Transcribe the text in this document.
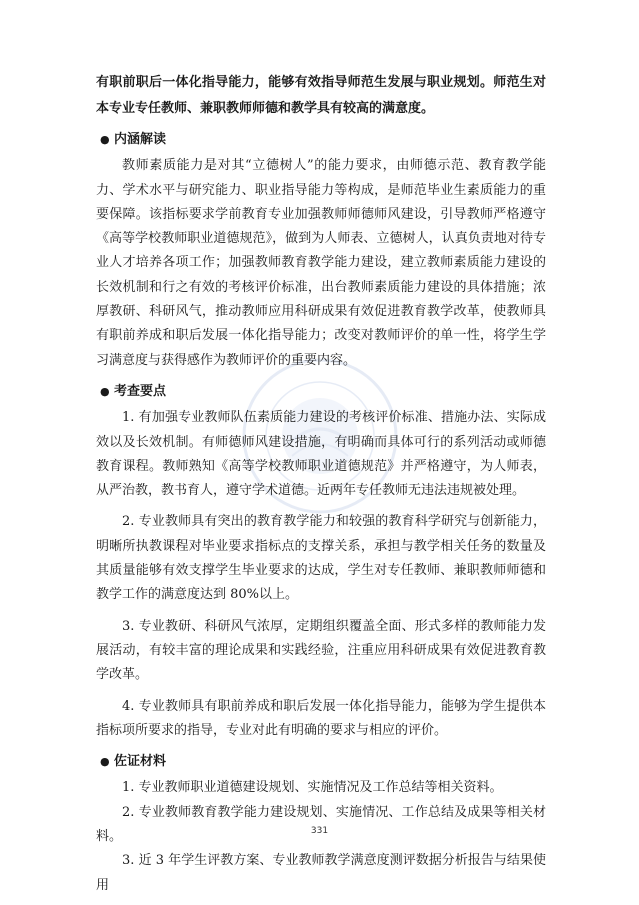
有职前职后一体化指导能力，能够有效指导师范生发展与职业规划。师范生对本专业专任教师、兼职教师师德和教学具有较高的满意度。

● 内涵解读

教师素质能力是对其“立德树人”的能力要求，由师德示范、教育教学能力、学术水平与研究能力、职业指导能力等构成，是师范毕业生素质能力的重要保障。该指标要求学前教育专业加强教师师德师风建设，引导教师严格遵守《高等学校教师职业道德规范》，做到为人师表、立德树人，认真负责地对待专业人才培养各项工作；加强教师教育教学能力建设，建立教师素质能力建设的长效机制和行之有效的考核评价标准，出台教师素质能力建设的具体措施；浓厚教研、科研风气，推动教师应用科研成果有效促进教育教学改革，使教师具有职前养成和职后发展一体化指导能力；改变对教师评价的单一性，将学生学习满意度与获得感作为教师评价的重要内容。

● 考查要点

1. 有加强专业教师队伍素质能力建设的考核评价标准、措施办法、实际成效以及长效机制。有师德师风建设措施，有明确而具体可行的系列活动或师德教育课程。教师熟知《高等学校教师职业道德规范》并严格遵守，为人师表，从严治教，教书育人，遵守学术道德。近两年专任教师无违法违规被处理。

2. 专业教师具有突出的教育教学能力和较强的教育科学研究与创新能力，明晰所执教课程对毕业要求指标点的支撑关系，承担与教学相关任务的数量及其质量能够有效支撑学生毕业要求的达成，学生对专任教师、兼职教师师德和教学工作的满意度达到 80%以上。

3. 专业教研、科研风气浓厚，定期组织覆盖全面、形式多样的教师能力发展活动，有较丰富的理论成果和实践经验，注重应用科研成果有效促进教育教学改革。

4. 专业教师具有职前养成和职后发展一体化指导能力，能够为学生提供本指标项所要求的指导，专业对此有明确的要求与相应的评价。

● 佐证材料

1. 专业教师职业道德建设规划、实施情况及工作总结等相关资料。

2. 专业教师教育教学能力建设规划、实施情况、工作总结及成果等相关材料。

3. 近 3 年学生评教方案、专业教师教学满意度测评数据分析报告与结果使用

331
